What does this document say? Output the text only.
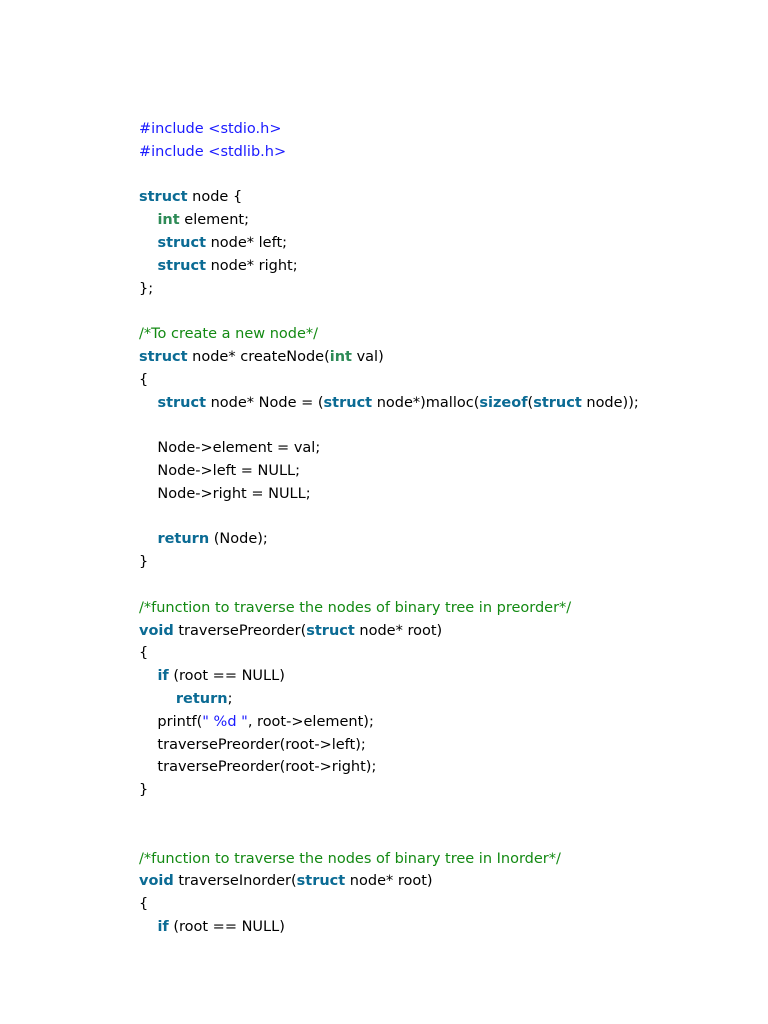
#include <stdio.h>
#include <stdlib.h>

struct node {
int element;
struct node* left;
struct node* right;
};

/*To create a new node*/
struct node* createNode(int val)
{
struct node* Node = (struct node*)malloc(sizeof(struct node));

Node->element = val;
Node->left = NULL;
Node->right = NULL;

return (Node);
}

/*function to traverse the nodes of binary tree in preorder*/
void traversePreorder(struct node* root)
{
if (root == NULL)
return;
printf(" %d ", root->element);
traversePreorder(root->left);
traversePreorder(root->right);
}

/*function to traverse the nodes of binary tree in Inorder*/
void traverseInorder(struct node* root)
{
if (root == NULL)
